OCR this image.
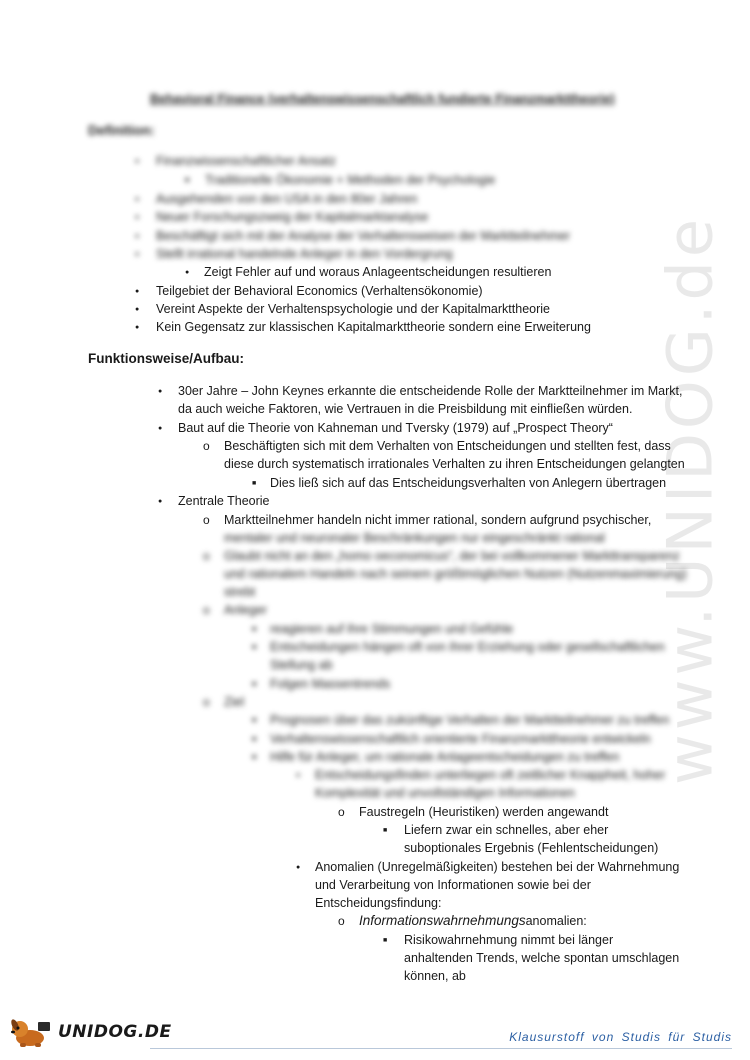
www.UNIDOG.de
Behavioral Finance (verhaltenswissenschaftlich fundierte Finanzmarkttheorie)
Definition:
●
Finanzwissenschaftlicher Ansatz
■
Traditionelle Ökonomie + Methoden der Psychologie
●
Ausgehenden von den USA in den 80er Jahren
●
Neuer Forschungszweig der Kapitalmarktanalyse
●
Beschäftigt sich mit der Analyse der Verhaltensweisen der Marktteilnehmer
●
Stellt irrational handelnde Anleger in den Vordergrung
●
Zeigt Fehler auf und woraus Anlageentscheidungen resultieren
●
Teilgebiet der Behavioral Economics (Verhaltensökonomie)
●
Vereint Aspekte der Verhaltenspsychologie und der Kapitalmarkttheorie
●
Kein Gegensatz zur klassischen Kapitalmarkttheorie sondern eine Erweiterung
Funktionsweise/Aufbau:
●
30er Jahre – John Keynes erkannte die entscheidende Rolle der Marktteilnehmer im Markt,
da auch weiche Faktoren, wie Vertrauen in die Preisbildung mit einfließen würden.
●
Baut auf die Theorie von Kahneman und Tversky (1979) auf „Prospect Theory“
o
Beschäftigten sich mit dem Verhalten von Entscheidungen und stellten fest, dass
diese durch systematisch irrationales Verhalten zu ihren Entscheidungen gelangten
■
Dies ließ sich auf das Entscheidungsverhalten von Anlegern übertragen
●
Zentrale Theorie
o
Marktteilnehmer handeln nicht immer rational, sondern aufgrund psychischer,
mentaler und neuronaler Beschränkungen nur eingeschränkt rational
o
Glaubt nicht an den „homo oeconomicus“, der bei vollkommener Markttransparenz
und rationalem Handeln nach seinem größtmöglichen Nutzen (Nutzenmaximierung)
strebt
o
Anleger
■
reagieren auf ihre Stimmungen und Gefühle
■
Entscheidungen hängen oft von ihrer Erziehung oder gesellschaftlichen
Stellung ab
■
Folgen Massentrends
o
Ziel
■
Prognosen über das zukünftige Verhalten der Marktteilnehmer zu treffen
■
Verhaltenswissenschaftlich orientierte Finanzmarkttheorie entwickeln
■
Hilfe für Anleger, um rationale Anlageentscheidungen zu treffen
●
Entscheidungsfinden unterliegen oft zeitlicher Knappheit, hoher
Komplexität und unvollständigen Informationen
o
Faustregeln (Heuristiken) werden angewandt
■
Liefern zwar ein schnelles, aber eher
suboptionales Ergebnis (Fehlentscheidungen)
●
Anomalien (Unregelmäßigkeiten) bestehen bei der Wahrnehmung
und Verarbeitung von Informationen sowie bei der
Entscheidungsfindung:
o
Informationswahrnehmungsanomalien:
■
Risikowahrnehmung nimmt bei länger
anhaltenden Trends, welche spontan umschlagen
können, ab
UNIDOG.DE	Klausurstoff von Studis für Studis
